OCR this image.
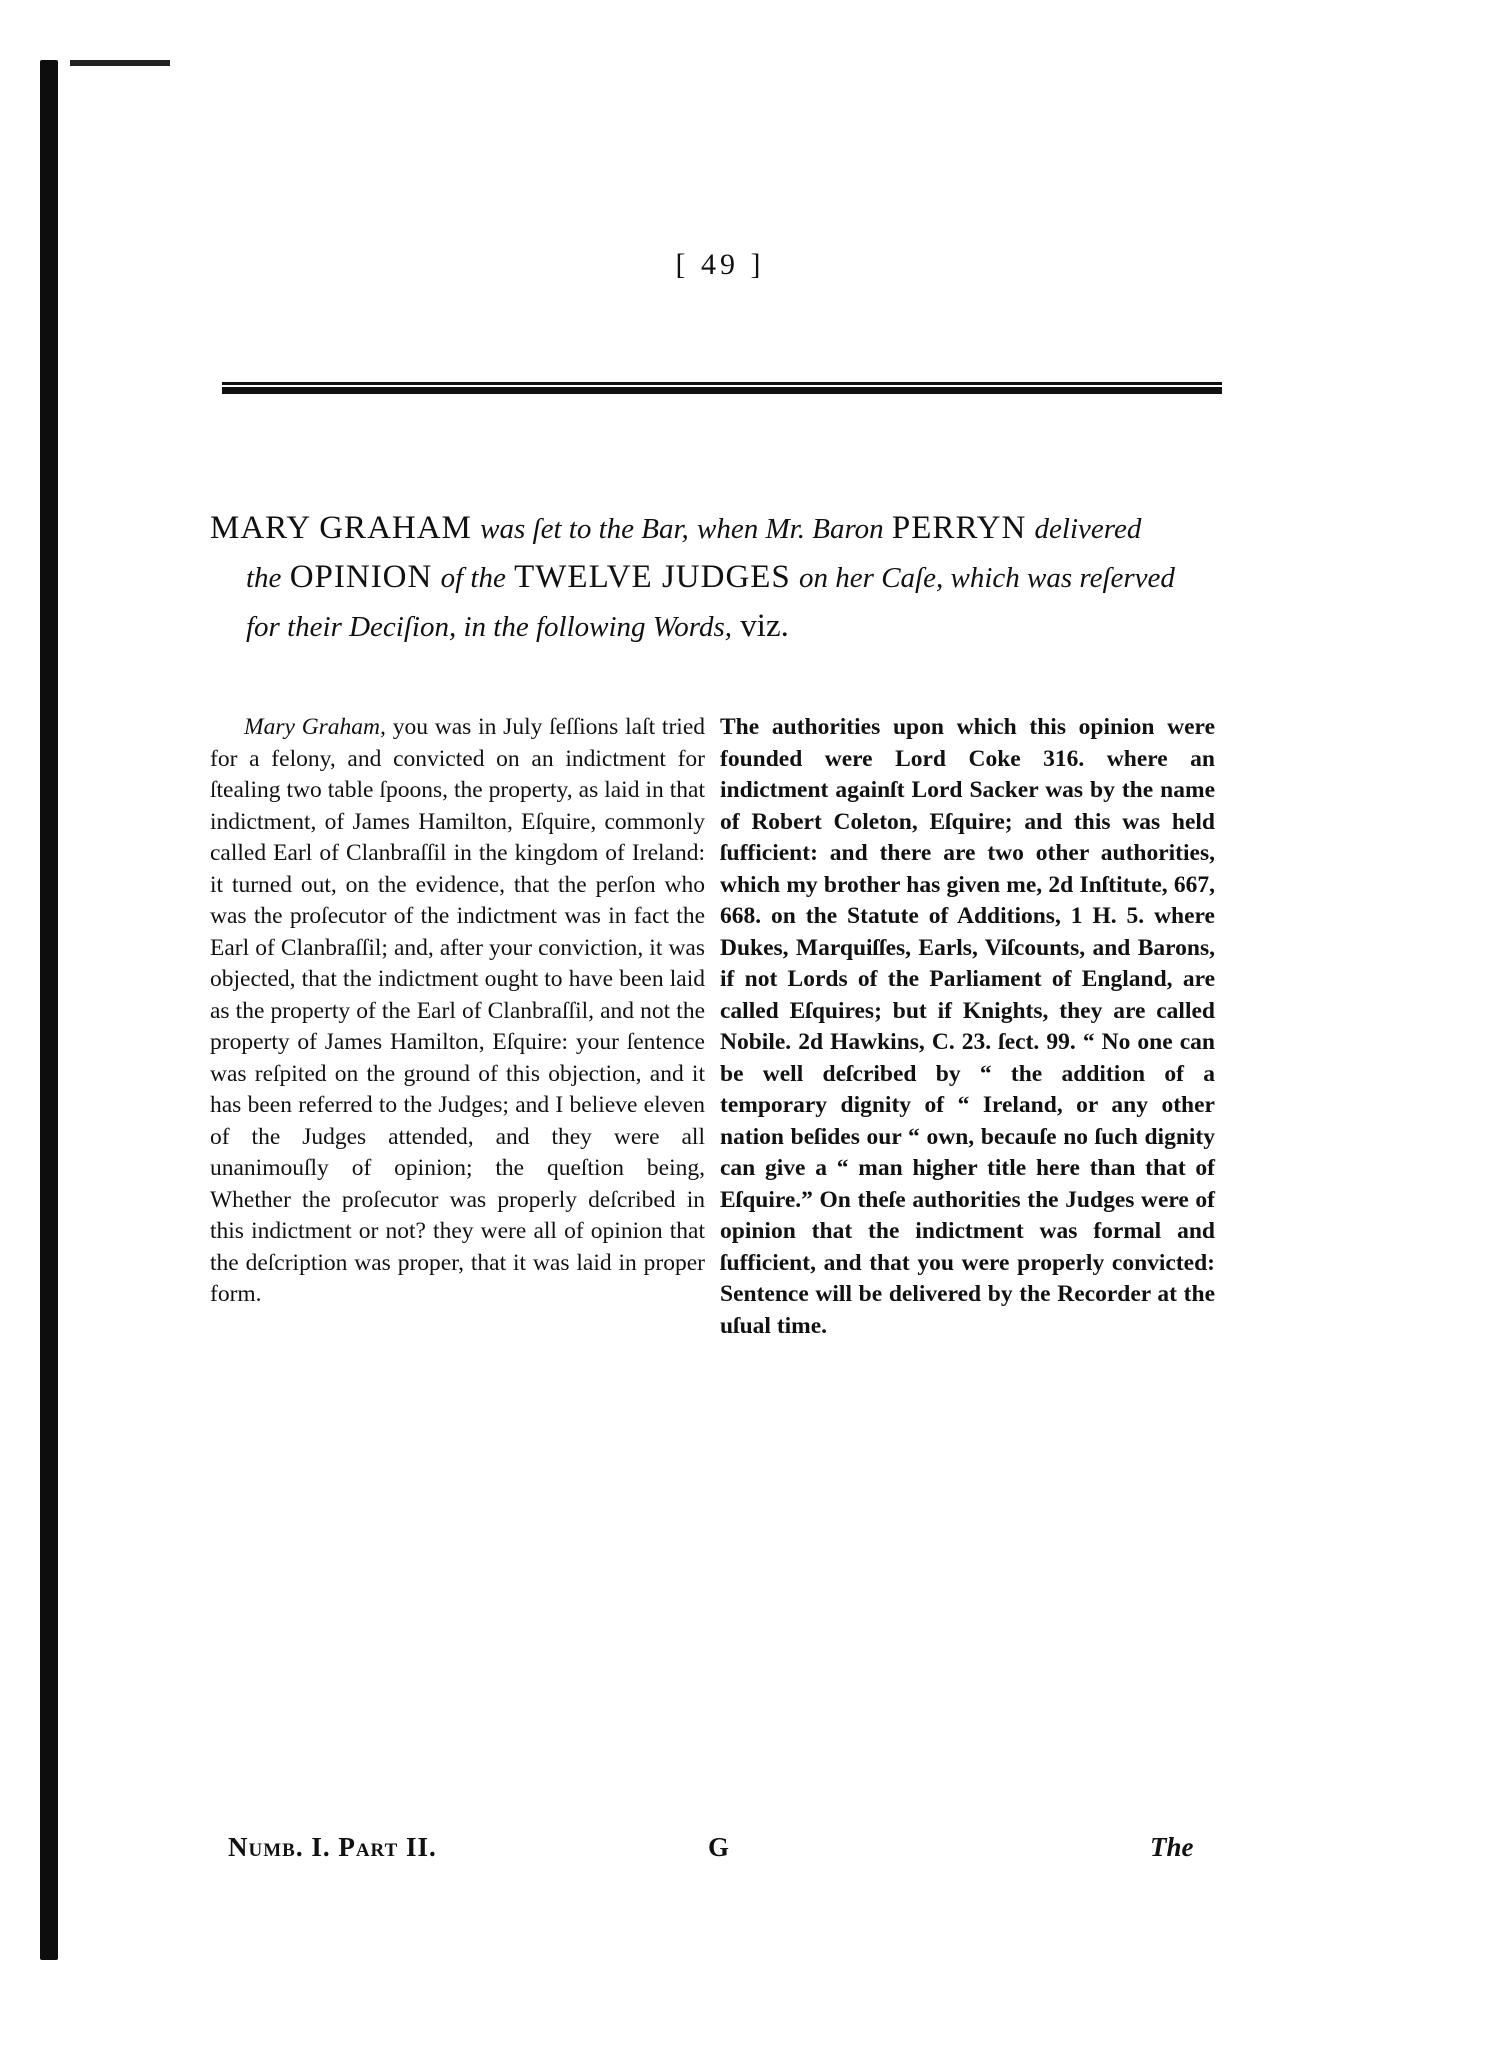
[ 49 ]

MARY GRAHAM was ſet to the Bar, when Mr. Baron PERRYN delivered

the OPINION of the TWELVE JUDGES on her Caſe, which was reſerved

for their Deciſion, in the following Words, viz.

Mary Graham, you was in July ſeſſions laſt tried for a felony, and convicted on an indictment for ſtealing two table ſpoons, the property, as laid in that indictment, of James Hamilton, Eſquire, commonly called Earl of Clanbraſſil in the kingdom of Ireland: it turned out, on the evidence, that the perſon who was the proſecutor of the indictment was in fact the Earl of Clanbraſſil; and, after your conviction, it was objected, that the indictment ought to have been laid as the property of the Earl of Clanbraſſil, and not the property of James Hamilton, Eſquire: your ſentence was reſpited on the ground of this objection, and it has been referred to the Judges; and I believe eleven of the Judges attended, and they were all unanimouſly of opinion; the queſtion being, Whether the proſecutor was properly deſcribed in this indictment or not? they were all of opinion that the deſcription was proper, that it was laid in proper form.

The authorities upon which this opinion were founded were Lord Coke 316. where an indictment againſt Lord Sacker was by the name of Robert Coleton, Eſquire; and this was held ſufficient: and there are two other authorities, which my brother has given me, 2d Inſtitute, 667, 668. on the Statute of Additions, 1 H. 5. where Dukes, Marquiſſes, Earls, Viſcounts, and Barons, if not Lords of the Parliament of England, are called Eſquires; but if Knights, they are called Nobile. 2d Hawkins, C. 23. ſect. 99. “ No one can be well deſcribed by “ the addition of a temporary dignity of “ Ireland, or any other nation beſides our “ own, becauſe no ſuch dignity can give a “ man higher title here than that of Eſquire.” On theſe authorities the Judges were of opinion that the indictment was formal and ſufficient, and that you were properly convicted: Sentence will be delivered by the Recorder at the uſual time.

Numb. I. Part II.	G	The
